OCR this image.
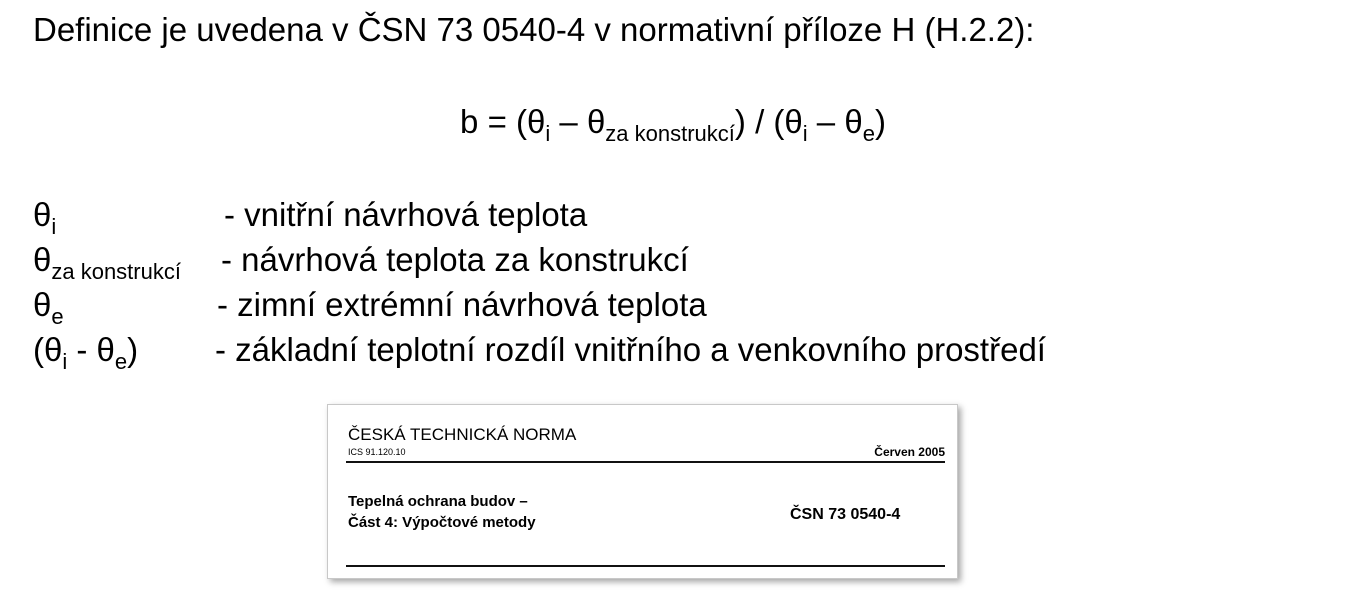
Definice je uvedena v ČSN 73 0540-4 v normativní příloze H (H.2.2):
$b = (\theta_i - \theta_{za konstrukcí}) / (\theta_i - \theta_e)$
$\theta_i$	- vnitřní návrhová teplota
$\theta_{za konstrukcí}$ - návrhová teplota za konstrukcí
$\theta_e$	- zimní extrémní návrhová teplota
$(\theta_i - \theta_e)$ - základní teplotní rozdíl vnitřního a venkovního prostředí
ČESKÁ TECHNICKÁ NORMA
ICS 91.120.10	Červen 2005
Tepelná ochrana budov –
Část 4: Výpočtové metody	ČSN 73 0540-4
